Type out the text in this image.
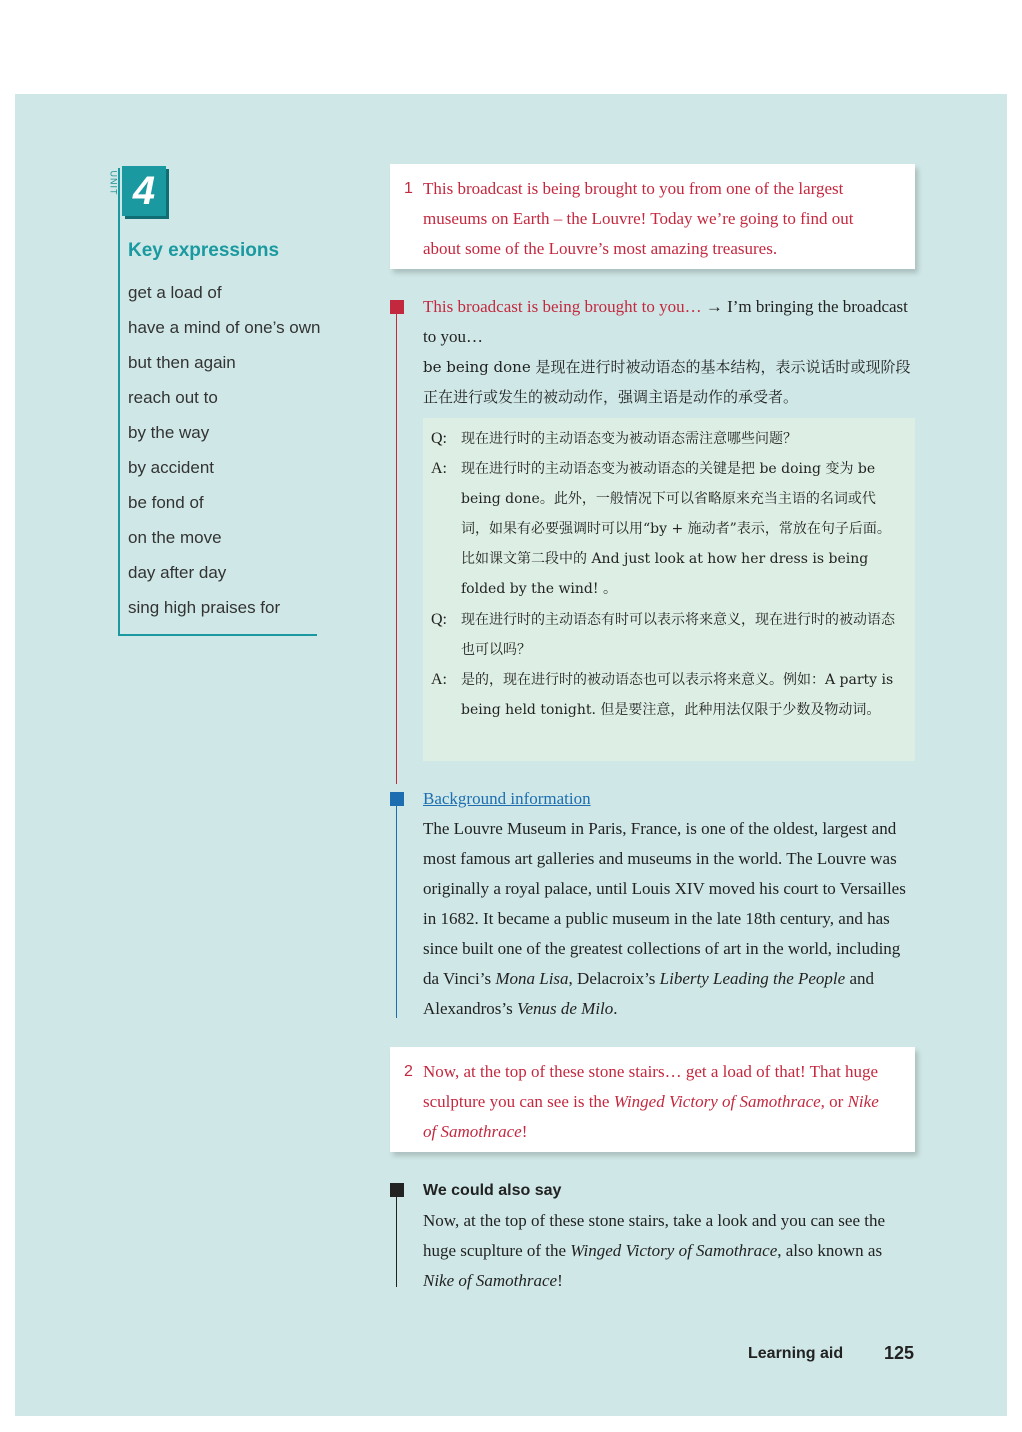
UNIT 4
Key expressions
get a load of
have a mind of one’s own
but then again
reach out to
by the way
by accident
be fond of
on the move
day after day
sing high praises for
1 This broadcast is being brought to you from one of the largest museums on Earth – the Louvre! Today we’re going to find out about some of the Louvre’s most amazing treasures.
This broadcast is being brought to you… → I’m bringing the broadcast to you…
be being done 是现在进行时被动语态的基本结构，表示说话时或现阶段正在进行或发生的被动动作，强调主语是动作的承受者。
Q: 现在进行时的主动语态变为被动语态需注意哪些问题？
A: 现在进行时的主动语态变为被动语态的关键是把 be doing 变为 be being done。此外，一般情况下可以省略原来充当主语的名词或代词，如果有必要强调时可以用“by + 施动者”表示，常放在句子后面。比如课文第二段中的 And just look at how her dress is being folded by the wind! 。
Q: 现在进行时的主动语态有时可以表示将来意义，现在进行时的被动语态也可以吗？
A: 是的，现在进行时的被动语态也可以表示将来意义。例如：A party is being held tonight. 但是要注意，此种用法仅限于少数及物动词。
Background information
The Louvre Museum in Paris, France, is one of the oldest, largest and most famous art galleries and museums in the world. The Louvre was originally a royal palace, until Louis XIV moved his court to Versailles in 1682. It became a public museum in the late 18th century, and has since built one of the greatest collections of art in the world, including da Vinci’s Mona Lisa, Delacroix’s Liberty Leading the People and Alexandros’s Venus de Milo.
2 Now, at the top of these stone stairs… get a load of that! That huge sculpture you can see is the Winged Victory of Samothrace, or Nike of Samothrace!
We could also say
Now, at the top of these stone stairs, take a look and you can see the huge scuplture of the Winged Victory of Samothrace, also known as Nike of Samothrace!
Learning aid 125
